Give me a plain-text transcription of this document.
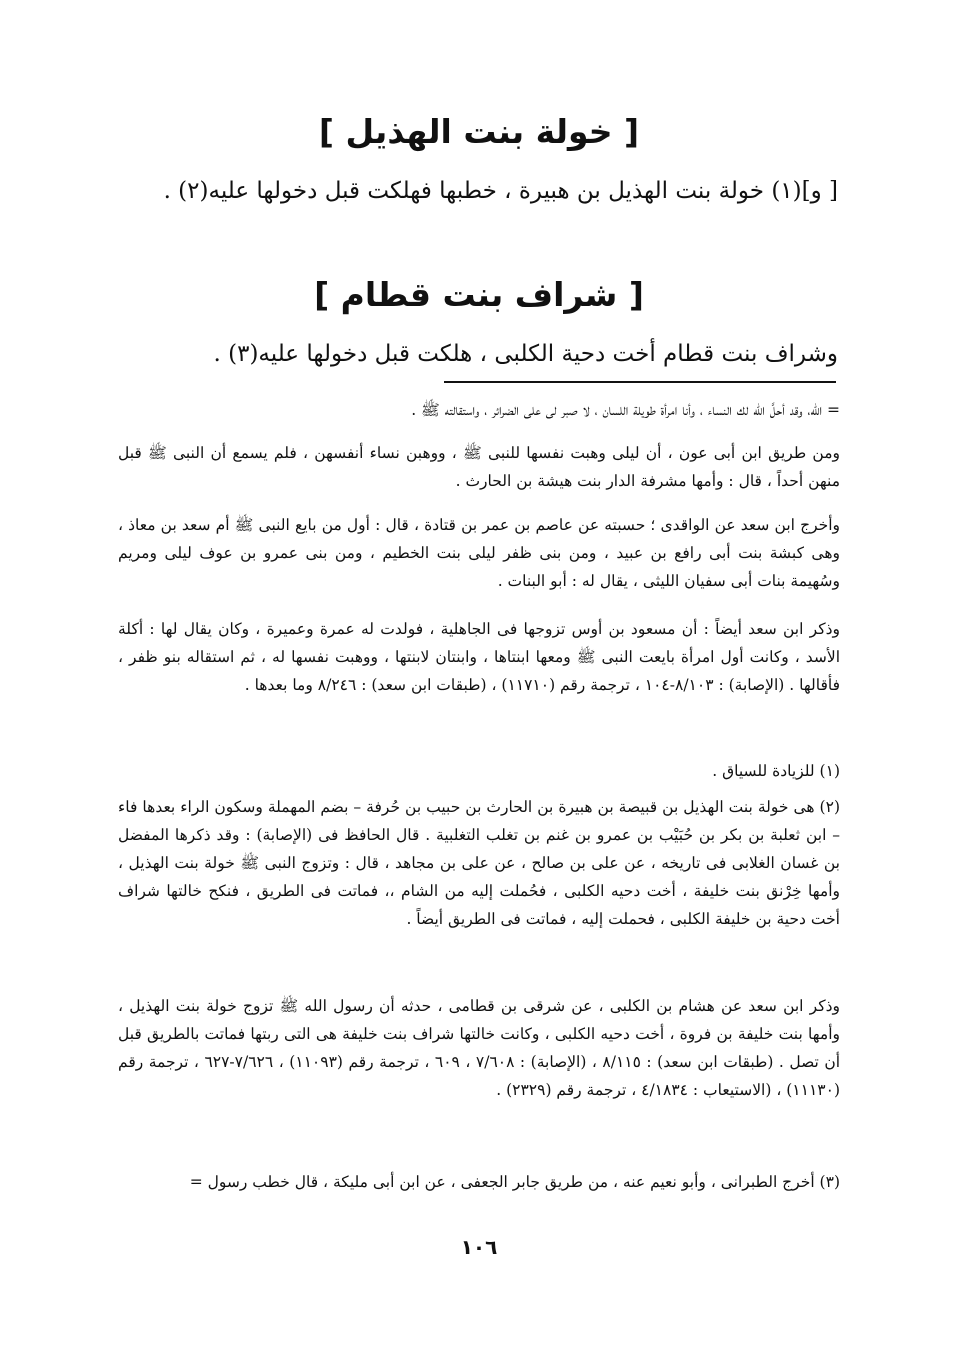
[ خولة بنت الهذيل ]
[ و](١) خولة بنت الهذيل بن هبيرة ، خطبها فهلكت قبل دخولها عليه(٢) .
[ شراف بنت قطام ]
وشراف بنت قطام أخت دحية الكلبى ، هلكت قبل دخولها عليه(٣) .
= الله، وقد أحلَّ الله لك النساء ، وأنا امرأة طويلة اللسان ، لا صبر لى على الضرائر ، واستقالته ﷺ .
ومن طريق ابن أبى عون ، أن ليلى وهبت نفسها للنبى ﷺ ، ووهبن نساء أنفسهن ، فلم يسمع أن النبى ﷺ قبل منهن أحداً ، قال : وأمها مشرفة الدار بنت هيشة بن الحارث .
وأخرج ابن سعد عن الواقدى ؛ حسبته عن عاصم بن عمر بن قتادة ، قال : أول من بايع النبى ﷺ أم سعد بن معاذ ، وهى كبشة بنت أبى رافع بن عبيد ، ومن بنى ظفر ليلى بنت الخطيم ، ومن بنى عمرو بن عوف ليلى ومريم وسُهيمة بنات أبى سفيان الليثى ، يقال له : أبو البنات .
وذكر ابن سعد أيضاً : أن مسعود بن أوس تزوجها فى الجاهلية ، فولدت له عمرة وعميرة ، وكان يقال لها : أكلة الأسد ، وكانت أول امرأة بايعت النبى ﷺ ومعها ابنتاها ، وابنتان لابنتها ، ووهبت نفسها له ، ثم استقاله بنو ظفر ، فأقالها . (الإصابة) : ٨/١٠٣-١٠٤ ، ترجمة رقم (١١٧١٠) ، (طبقات ابن سعد) : ٨/٢٤٦ وما بعدها .
(١) للزيادة للسياق .
(٢) هى خولة بنت الهذيل بن قبيصة بن هبيرة بن الحارث بن حبيب بن حُرفة – بضم المهملة وسكون الراء بعدها فاء – ابن ثعلبة بن بكر بن حُبَيْب بن عمرو بن غنم بن تغلب التغلبية . قال الحافظ فى (الإصابة) : وقد ذكرها المفضل بن غسان الغلابى فى تاريخه ، عن على بن صالح ، عن على بن مجاهد ، قال : وتزوج النبى ﷺ خولة بنت الهذيل ، وأمها خِرْنق بنت خليفة ، أخت دحيه الكلبى ، فحُملت إليه من الشام ،، فماتت فى الطريق ، فنكح خالتها شراف أخت دحية بن خليفة الكلبى ، فحملت إليه ، فماتت فى الطريق أيضاً .
وذكر ابن سعد عن هشام بن الكلبى ، عن شرقى بن قطامى ، حدثه أن رسول الله ﷺ تزوج خولة بنت الهذيل ، وأمها بنت خليفة بن فروة ، أخت دحيه الكلبى ، وكانت خالتها شراف بنت خليفة هى التى ربتها فماتت بالطريق قبل أن تصل . (طبقات ابن سعد) : ٨/١١٥ ، (الإصابة) : ٧/٦٠٨ ، ٦٠٩ ، ترجمة رقم (١١٠٩٣) ، ٧/٦٢٦-٦٢٧ ، ترجمة رقم (١١١٣٠) ، (الاستيعاب : ٤/١٨٣٤ ، ترجمة رقم (٢٣٢٩) .
(٣) أخرج الطبرانى ، وأبو نعيم عنه ، من طريق جابر الجعفى ، عن ابن أبى مليكة ، قال خطب رسول =
١٠٦
